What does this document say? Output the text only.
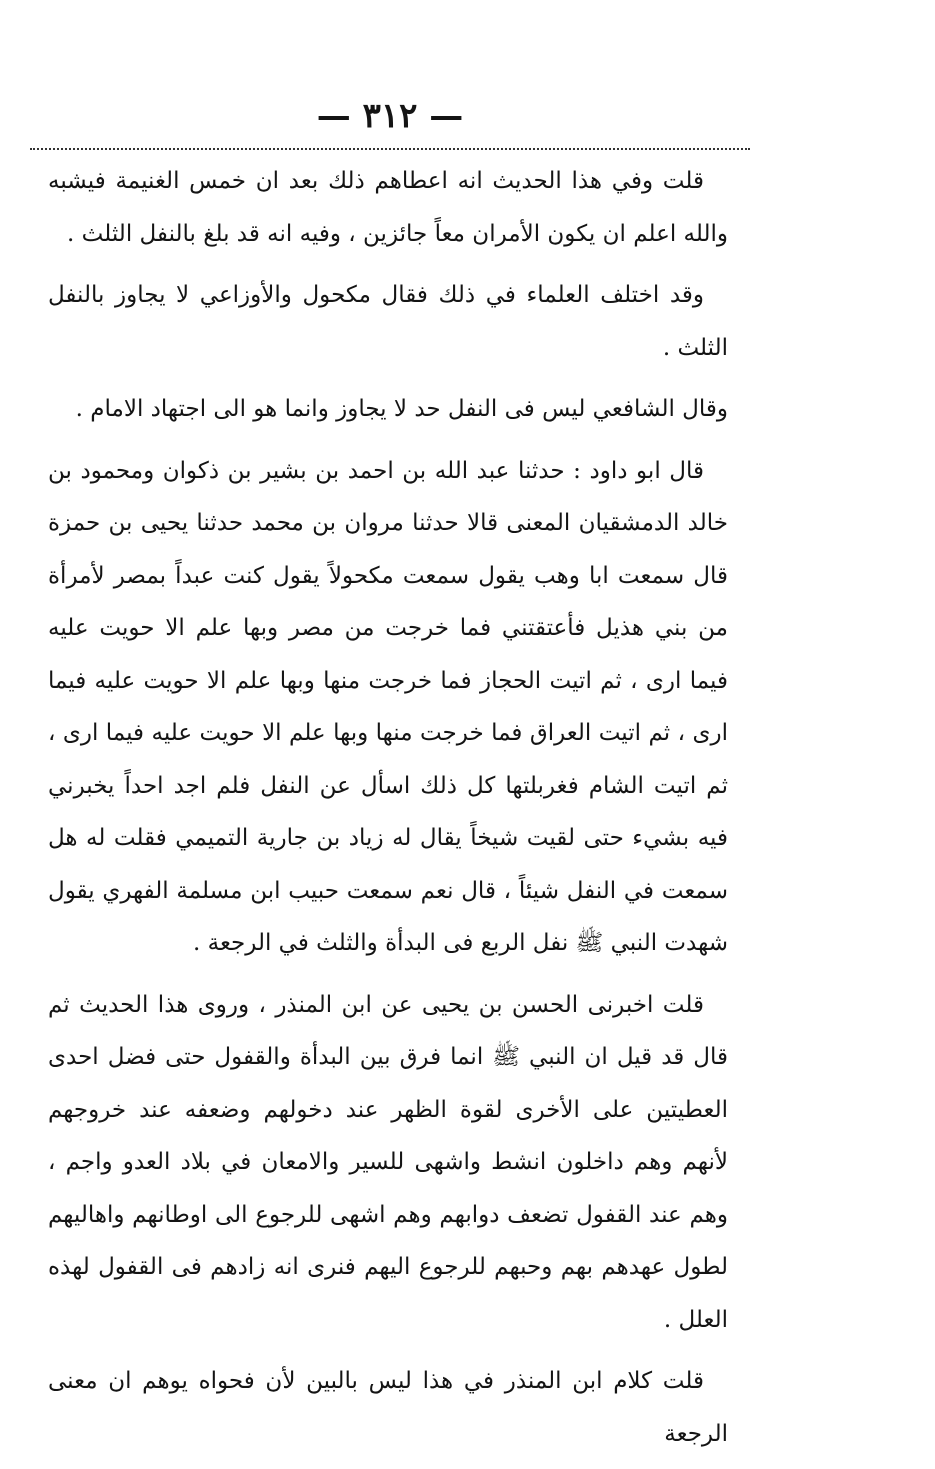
— ٣١٢ —

قلت وفي هذا الحديث انه اعطاهم ذلك بعد ان خمس الغنيمة فيشبه والله اعلم ان يكون الأمران معاً جائزين ، وفيه انه قد بلغ بالنفل الثلث .

وقد اختلف العلماء في ذلك فقال مكحول والأوزاعي لا يجاوز بالنفل الثلث .

وقال الشافعي ليس فى النفل حد لا يجاوز وانما هو الى اجتهاد الامام .

قال ابو داود : حدثنا عبد الله بن احمد بن بشير بن ذكوان ومحمود بن خالد الدمشقيان المعنى قالا حدثنا مروان بن محمد حدثنا يحيى بن حمزة قال سمعت ابا وهب يقول سمعت مكحولاً يقول كنت عبداً بمصر لأمرأة من بني هذيل فأعتقتني فما خرجت من مصر وبها علم الا حويت عليه فيما ارى ، ثم اتيت الحجاز فما خرجت منها وبها علم الا حويت عليه فيما ارى ، ثم اتيت العراق فما خرجت منها وبها علم الا حويت عليه فيما ارى ، ثم اتيت الشام فغربلتها كل ذلك اسأل عن النفل فلم اجد احداً يخبرني فيه بشيء حتى لقيت شيخاً يقال له زياد بن جارية التميمي فقلت له هل سمعت في النفل شيئاً ، قال نعم سمعت حبيب ابن مسلمة الفهري يقول شهدت النبي ﷺ نفل الربع فى البدأة والثلث في الرجعة .

قلت اخبرنى الحسن بن يحيى عن ابن المنذر ، وروى هذا الحديث ثم قال قد قيل ان النبي ﷺ انما فرق بين البدأة والقفول حتى فضل احدى العطيتين على الأخرى لقوة الظهر عند دخولهم وضعفه عند خروجهم لأنهم وهم داخلون انشط واشهى للسير والامعان في بلاد العدو واجم ، وهم عند القفول تضعف دوابهم وهم اشهى للرجوع الى اوطانهم واهاليهم لطول عهدهم بهم وحبهم للرجوع اليهم فنرى انه زادهم فى القفول لهذه العلل .

قلت كلام ابن المنذر في هذا ليس بالبين لأن فحواه يوهم ان معنى الرجعة
